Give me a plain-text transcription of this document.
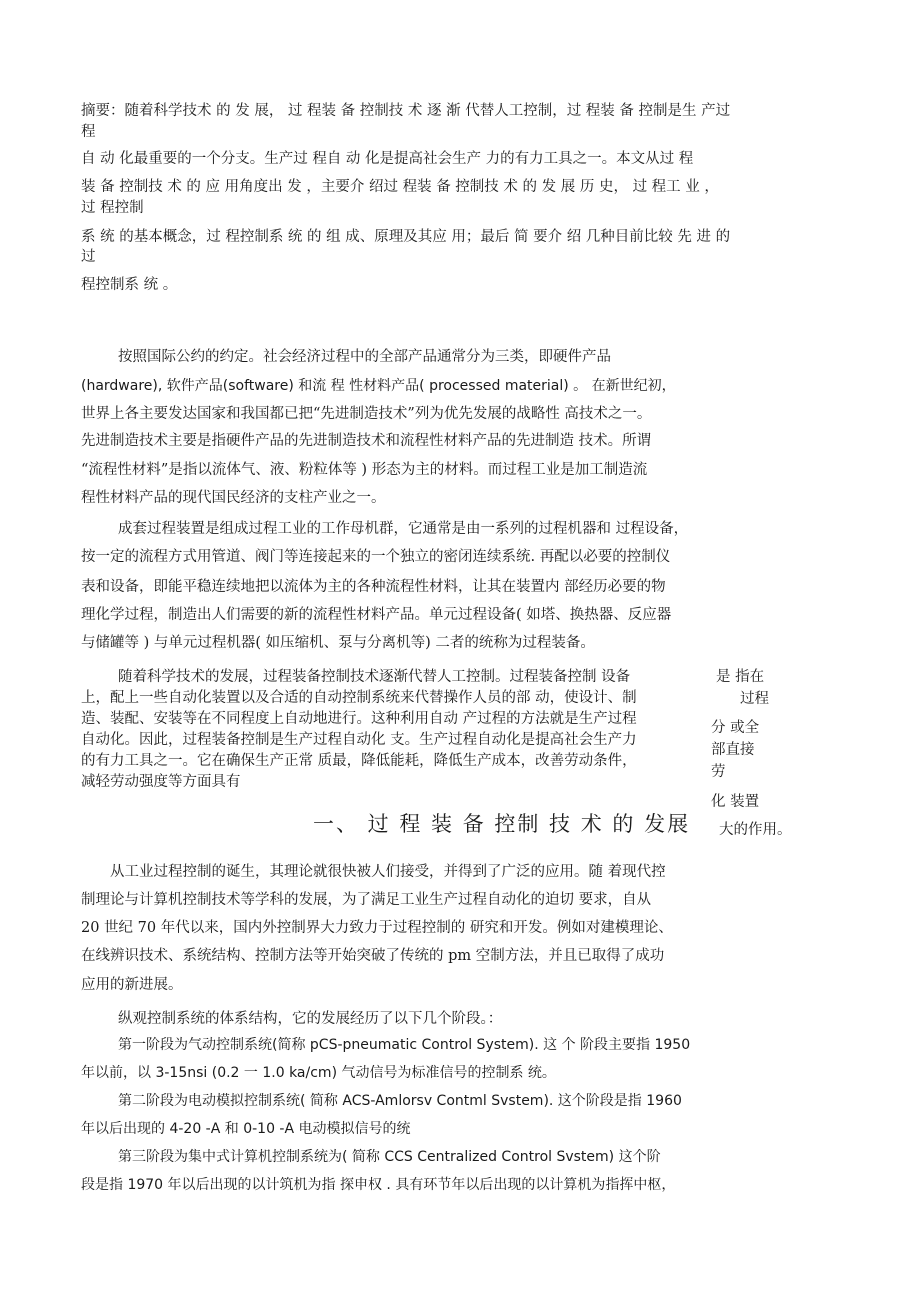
摘要：随着科学技术 的 发 展， 过 程装 备 控制技 术 逐 渐 代替人工控制，过 程装 备 控制是生 产过
程
自 动 化最重要的一个分支。生产过 程自 动 化是提高社会生产 力的有力工具之一。本文从过 程
装 备 控制技 术 的 应 用角度出 发 ，主要介 绍过 程装 备 控制技 术 的 发 展 历 史， 过 程工 业 ，
过 程控制
系 统 的基本概念，过 程控制系 统 的 组 成、原理及其应 用；最后 简 要介 绍 几种目前比较 先 进 的
过
程控制系 统 。
按照国际公约的约定。社会经济过程中的全部产品通常分为三类，即硬件产品
(hardware), 软件产品(software) 和流 程 性材料产品( processed material) 。 在新世纪初，
世界上各主要发达国家和我国都已把“先进制造技术”列为优先发展的战略性 高技术之一。
先进制造技术主要是指硬件产品的先进制造技术和流程性材料产品的先进制造 技术。所谓
“流程性材料”是指以流体气、液、粉粒体等 ) 形态为主的材料。而过程工业是加工制造流
程性材料产品的现代国民经济的支柱产业之一。
成套过程装置是组成过程工业的工作母机群，它通常是由一系列的过程机器和 过程设备，
按一定的流程方式用管道、阀门等连接起来的一个独立的密闭连续系统. 再配以必要的控制仪
表和设备，即能平稳连续地把以流体为主的各种流程性材料，让其在装置内 部经历必要的物
理化学过程，制造出人们需要的新的流程性材料产品。单元过程设备( 如塔、换热器、反应器
与储罐等 ) 与单元过程机器( 如压缩机、泵与分离机等) 二者的统称为过程装备。
随着科学技术的发展，过程装备控制技术逐渐代替人工控制。过程装备控制 设备
上，配上一些自动化装置以及合适的自动控制系统来代替操作人员的部 动，使设计、制
造、装配、安装等在不同程度上自动地进行。这种利用自动 产过程的方法就是生产过程
自动化。因此，过程装备控制是生产过程自动化 支。生产过程自动化是提高社会生产力
的有力工具之一。它在确保生产正常 质最，降低能耗，降低生产成本，改善劳动条件，
减轻劳动强度等方面具有
是 指在
过程
分 或全
部直接
劳
化 装置
大的作用。
一、 过 程 装 备 控制 技 术 的 发展
从工业过程控制的诞生，其理论就很快被人们接受，并得到了广泛的应用。随 着现代控
制理论与计算机控制技术等学科的发展，为了满足工业生产过程自动化的迫切 要求，自从
20 世纪 70 年代以来，国内外控制界大力致力于过程控制的 研究和开发。例如对建模理论、
在线辨识技术、系统结构、控制方法等开始突破了传统的 pm 空制方法，并且已取得了成功
应用的新进展。
纵观控制系统的体系结构，它的发展经历了以下几个阶段。：
第一阶段为气动控制系统(简称 pCS-pneumatic Control System). 这 个 阶段主要指 1950
年以前，以 3-15nsi (0.2 一 1.0 ka/cm) 气动信号为标准信号的控制系 统。
第二阶段为电动模拟控制系统( 简称 ACS-Amlorsv Contml Svstem). 这个阶段是指 1960
年以后出现的 4-20 -A 和 0-10 -A 电动模拟信号的统
第三阶段为集中式计算机控制系统为( 简称 CCS Centralized Control Svstem) 这个阶
段是指 1970 年以后出现的以计筑机为指 探申权 . 具有环节年以后出现的以计算机为指挥中枢，
